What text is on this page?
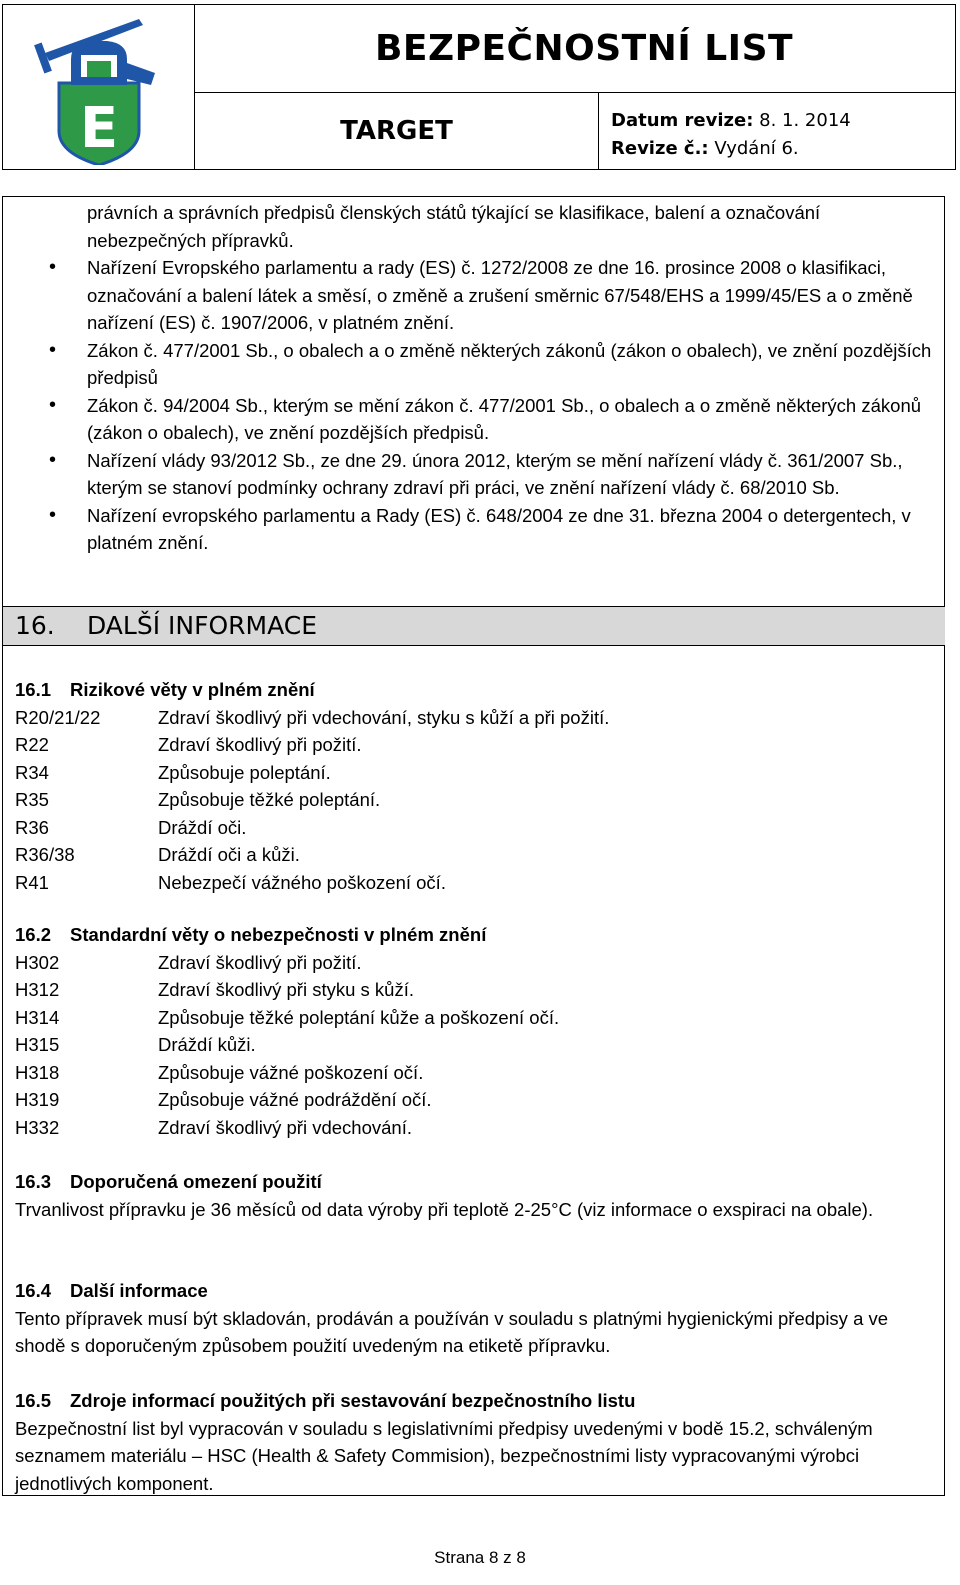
E
BEZPEČNOSTNÍ LIST
TARGET	Datum revize: 8. 1. 2014
Revize č.: Vydání 6.
právních a správních předpisů členských států týkající se klasifikace, balení a označování
nebezpečných přípravků.
• Nařízení Evropského parlamentu a rady (ES) č. 1272/2008 ze dne 16. prosince 2008 o klasifikaci, označování a balení látek a směsí, o změně a zrušení směrnic 67/548/EHS a 1999/45/ES a o změně nařízení (ES) č. 1907/2006, v platném znění.
• Zákon č. 477/2001 Sb., o obalech a o změně některých zákonů (zákon o obalech), ve znění pozdějších předpisů
• Zákon č. 94/2004 Sb., kterým se mění zákon č. 477/2001 Sb., o obalech a o změně některých zákonů (zákon o obalech), ve znění pozdějších předpisů.
• Nařízení vlády 93/2012 Sb., ze dne 29. února 2012, kterým se mění nařízení vlády č. 361/2007 Sb., kterým se stanoví podmínky ochrany zdraví při práci, ve znění nařízení vlády č. 68/2010 Sb.
• Nařízení evropského parlamentu a Rady (ES) č. 648/2004 ze dne 31. března 2004 o detergentech, v platném znění.
16. DALŠÍ INFORMACE
16.1 Rizikové věty v plném znění
R20/21/22	Zdraví škodlivý při vdechování, styku s kůží a při požití.
R22	Zdraví škodlivý při požití.
R34	Způsobuje poleptání.
R35	Způsobuje těžké poleptání.
R36	Dráždí oči.
R36/38	Dráždí oči a kůži.
R41	Nebezpečí vážného poškození očí.
16.2 Standardní věty o nebezpečnosti v plném znění
H302	Zdraví škodlivý při požití.
H312	Zdraví škodlivý při styku s kůží.
H314	Způsobuje těžké poleptání kůže a poškození očí.
H315	Dráždí kůži.
H318	Způsobuje vážné poškození očí.
H319	Způsobuje vážné podráždění očí.
H332	Zdraví škodlivý při vdechování.
16.3 Doporučená omezení použití
Trvanlivost přípravku je 36 měsíců od data výroby při teplotě 2-25°C (viz informace o exspiraci na obale).
16.4 Další informace
Tento přípravek musí být skladován, prodáván a používán v souladu s platnými hygienickými předpisy a ve shodě s doporučeným způsobem použití uvedeným na etiketě přípravku.
16.5 Zdroje informací použitých při sestavování bezpečnostního listu
Bezpečnostní list byl vypracován v souladu s legislativními předpisy uvedenými v bodě 15.2, schváleným seznamem materiálu – HSC (Health & Safety Commision), bezpečnostními listy vypracovanými výrobci jednotlivých komponent.
Strana 8 z 8
